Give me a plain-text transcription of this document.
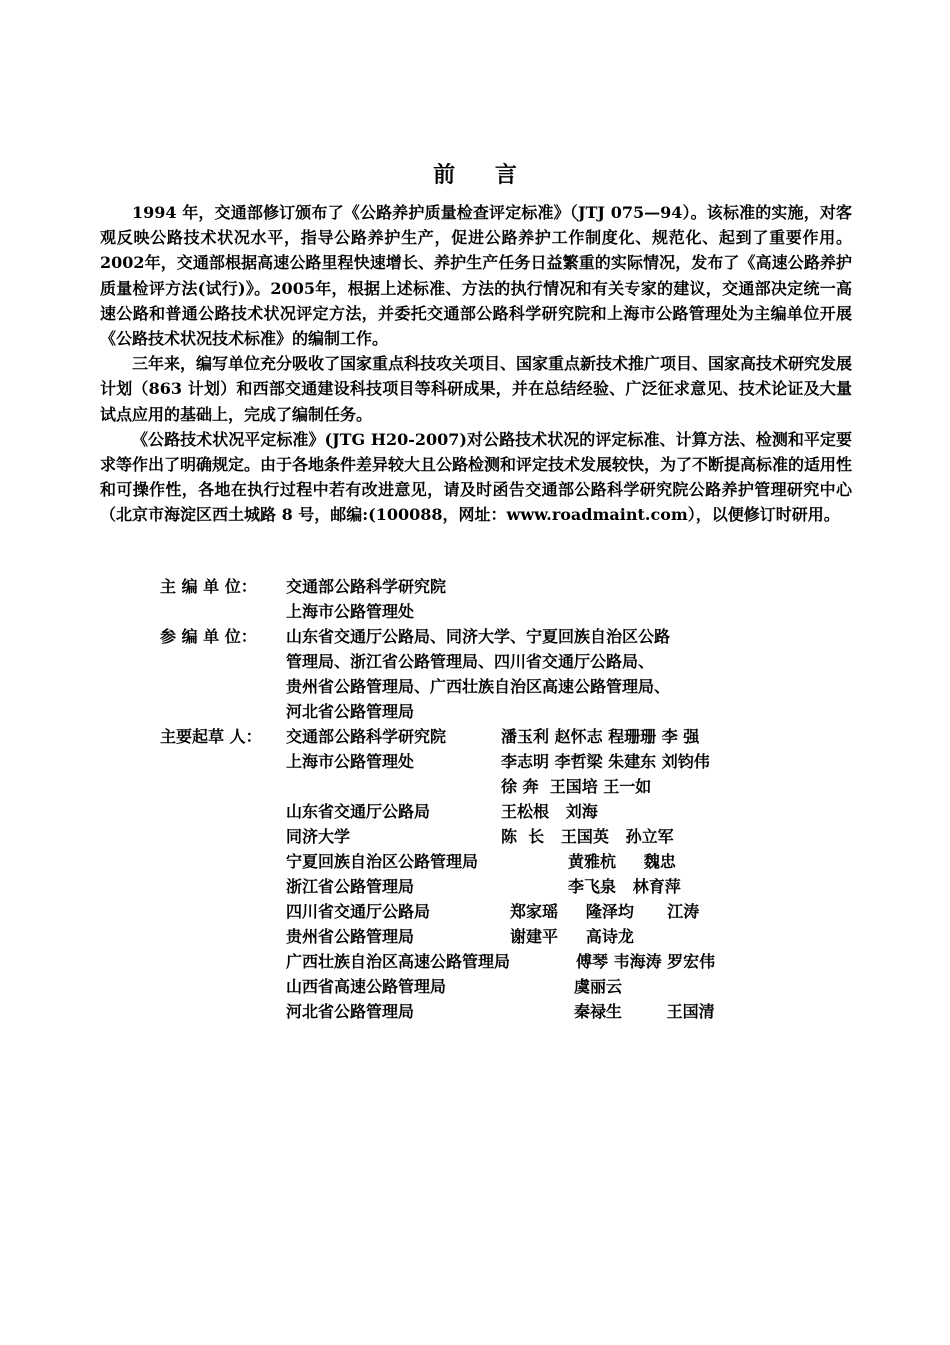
前 言

1994 年，交通部修订颁布了《公路养护质量检查评定标准》（JTJ 075—94）。该标准的实施，对客观反映公路技术状况水平，指导公路养护生产，促进公路养护工作制度化、规范化、起到了重要作用。2002年，交通部根据高速公路里程快速增长、养护生产任务日益繁重的实际情况，发布了《高速公路养护质量检评方法(试行)》。2005年，根据上述标准、方法的执行情况和有关专家的建议，交通部决定统一高速公路和普通公路技术状况评定方法，并委托交通部公路科学研究院和上海市公路管理处为主编单位开展《公路技术状况技术标准》的编制工作。

三年来，编写单位充分吸收了国家重点科技攻关项目、国家重点新技术推广项目、国家高技术研究发展计划（863 计划）和西部交通建设科技项目等科研成果，并在总结经验、广泛征求意见、技术论证及大量试点应用的基础上，完成了编制任务。

《公路技术状况平定标准》(JTG H20-2007)对公路技术状况的评定标准、计算方法、检测和平定要求等作出了明确规定。由于各地条件差异较大且公路检测和评定技术发展较快，为了不断提高标准的适用性和可操作性，各地在执行过程中若有改进意见，请及时函告交通部公路科学研究院公路养护管理研究中心（北京市海淀区西土城路 8 号，邮编:(100088，网址：www.roadmaint.com），以便修订时研用。

主 编 单 位：	交通部公路科学研究院
上海市公路管理处
参 编 单 位：	山东省交通厅公路局、同济大学、宁夏回族自治区公路
管理局、浙江省公路管理局、四川省交通厅公路局、
贵州省公路管理局、广西壮族自治区高速公路管理局、
河北省公路管理局
主要起草 人：	交通部公路科学研究院	潘玉利 赵怀志 程珊珊 李 强
上海市公路管理处	李志明 李哲梁 朱建东 刘钧伟
徐 奔  王国培 王一如
山东省交通厅公路局	王松根   刘海
同济大学	陈  长   王国英   孙立军
宁夏回族自治区公路管理局	黄雅杭     魏忠
浙江省公路管理局	李飞泉   林育萍
四川省交通厅公路局	郑家瑶     隆泽均      江涛
贵州省公路管理局	谢建平     高诗龙
广西壮族自治区高速公路管理局	傅琴 韦海涛 罗宏伟
山西省高速公路管理局	虞丽云
河北省公路管理局	秦禄生        王国清
